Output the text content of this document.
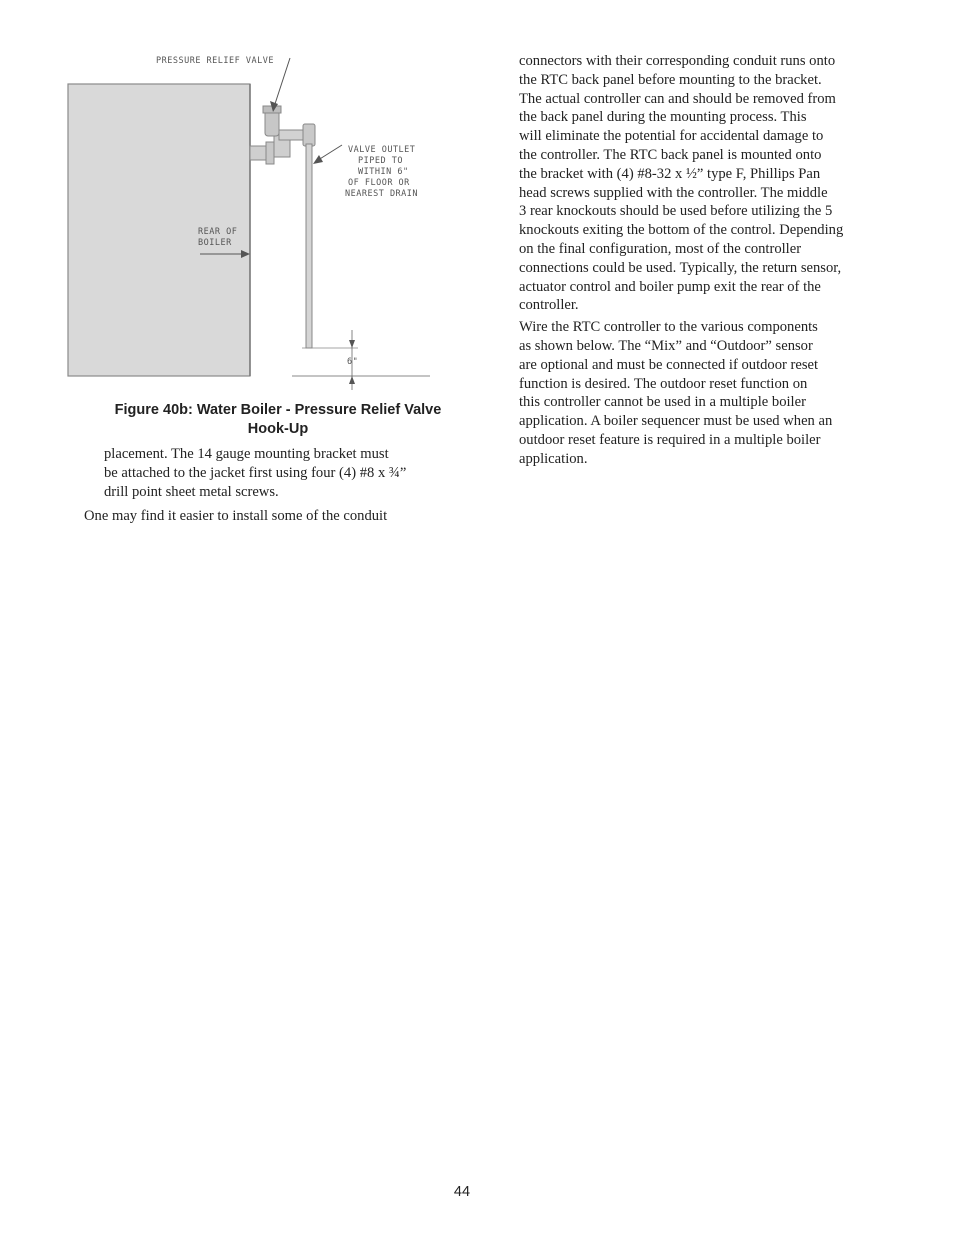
PRESSURE RELIEF VALVE
VALVE OUTLET
PIPED TO
WITHIN 6"
OF FLOOR OR
NEAREST DRAIN
REAR OF
BOILER
6"
Figure 40b: Water Boiler - Pressure Relief Valve
Hook-Up
placement. The 14 gauge mounting bracket must
be attached to the jacket first using four (4) #8 x ¾”
drill point sheet metal screws.
One may find it easier to install some of the conduit

connectors with their corresponding conduit runs onto
the RTC back panel before mounting to the bracket.
The actual controller can and should be removed from
the back panel during the mounting process. This
will eliminate the potential for accidental damage to
the controller. The RTC back panel is mounted onto
the bracket with (4) #8-32 x ½” type F, Phillips Pan
head screws supplied with the controller. The middle
3 rear knockouts should be used before utilizing the 5
knockouts exiting the bottom of the control. Depending
on the final configuration, most of the controller
connections could be used. Typically, the return sensor,
actuator control and boiler pump exit the rear of the
controller.

Wire the RTC controller to the various components
as shown below. The “Mix” and “Outdoor” sensor
are optional and must be connected if outdoor reset
function is desired. The outdoor reset function on
this controller cannot be used in a multiple boiler
application. A boiler sequencer must be used when an
outdoor reset feature is required in a multiple boiler
application.

44
